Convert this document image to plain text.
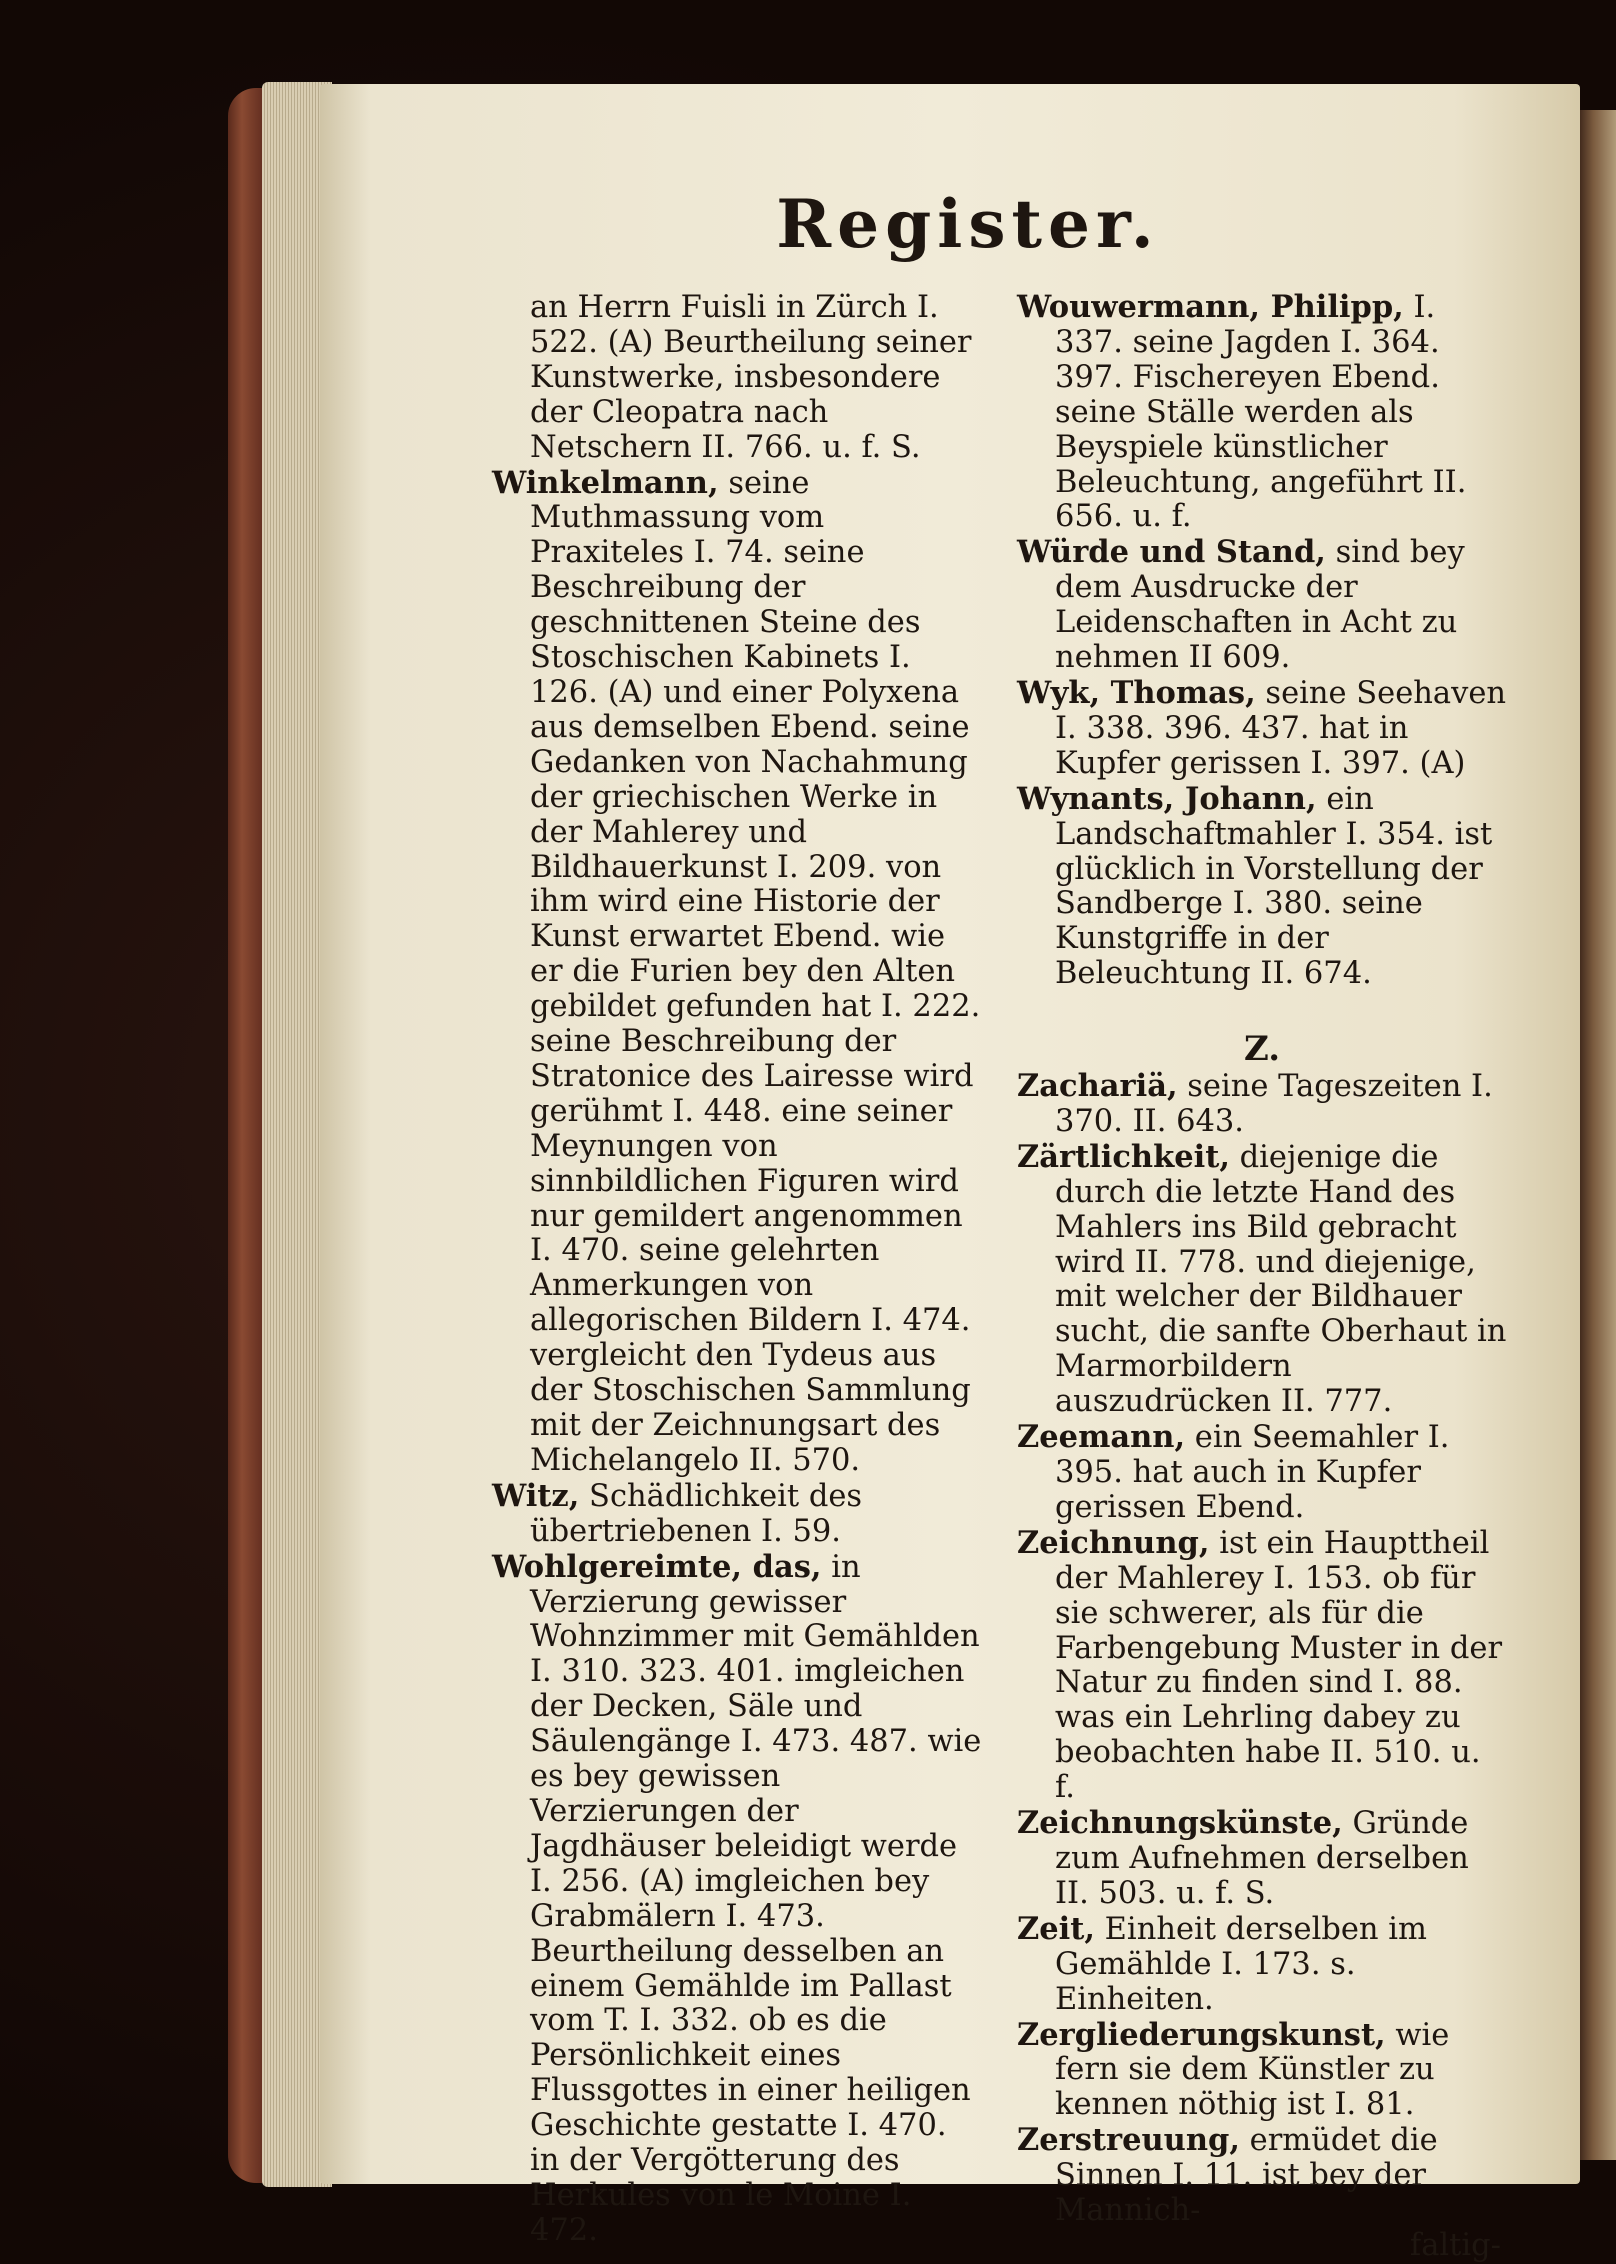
Register.

an Herrn Fuisli in Zürch I. 522. (A) Beurtheilung seiner Kunstwerke, insbesondere der Cleopatra nach Netschern II. 766. u. f. S.

Winkelmann, seine Muthmassung vom Praxiteles I. 74. seine Beschreibung der geschnittenen Steine des Stoschischen Kabinets I. 126. (A) und einer Polyxena aus demselben Ebend. seine Gedanken von Nachahmung der griechischen Werke in der Mahlerey und Bildhauerkunst I. 209. von ihm wird eine Historie der Kunst erwartet Ebend. wie er die Furien bey den Alten gebildet gefunden hat I. 222. seine Beschreibung der Stratonice des Lairesse wird gerühmt I. 448. eine seiner Meynungen von sinnbildlichen Figuren wird nur gemildert angenommen I. 470. seine gelehrten Anmerkungen von allegorischen Bildern I. 474. vergleicht den Tydeus aus der Stoschischen Sammlung mit der Zeichnungsart des Michelangelo II. 570.

Witz, Schädlichkeit des übertriebenen I. 59.

Wohlgereimte, das, in Verzierung gewisser Wohnzimmer mit Gemählden I. 310. 323. 401. imgleichen der Decken, Säle und Säulengänge I. 473. 487. wie es bey gewissen Verzierungen der Jagdhäuser beleidigt werde I. 256. (A) imgleichen bey Grabmälern I. 473. Beurtheilung desselben an einem Gemählde im Pallast vom T. I. 332. ob es die Persönlichkeit eines Flussgottes in einer heiligen Geschichte gestatte I. 470. in der Vergötterung des Herkules von le Moine I. 472.

Wouwermann, Philipp, I. 337. seine Jagden I. 364. 397. Fischereyen Ebend. seine Ställe werden als Beyspiele künstlicher Beleuchtung, angeführt II. 656. u. f.

Würde und Stand, sind bey dem Ausdrucke der Leidenschaften in Acht zu nehmen II 609.

Wyk, Thomas, seine Seehaven I. 338. 396. 437. hat in Kupfer gerissen I. 397. (A)

Wynants, Johann, ein Landschaftmahler I. 354. ist glücklich in Vorstellung der Sandberge I. 380. seine Kunstgriffe in der Beleuchtung II. 674.

Z.

Zachariä, seine Tageszeiten I. 370. II. 643.

Zärtlichkeit, diejenige die durch die letzte Hand des Mahlers ins Bild gebracht wird II. 778. und diejenige, mit welcher der Bildhauer sucht, die sanfte Oberhaut in Marmorbildern auszudrücken II. 777.

Zeemann, ein Seemahler I. 395. hat auch in Kupfer gerissen Ebend.

Zeichnung, ist ein Haupttheil der Mahlerey I. 153. ob für sie schwerer, als für die Farbengebung Muster in der Natur zu finden sind I. 88. was ein Lehrling dabey zu beobachten habe II. 510. u. f.

Zeichnungskünste, Gründe zum Aufnehmen derselben II. 503. u. f. S.

Zeit, Einheit derselben im Gemählde I. 173. s. Einheiten.

Zergliederungskunst, wie fern sie dem Künstler zu kennen nöthig ist I. 81.

Zerstreuung, ermüdet die Sinnen I. 11. ist bey der Mannich-

faltig-
